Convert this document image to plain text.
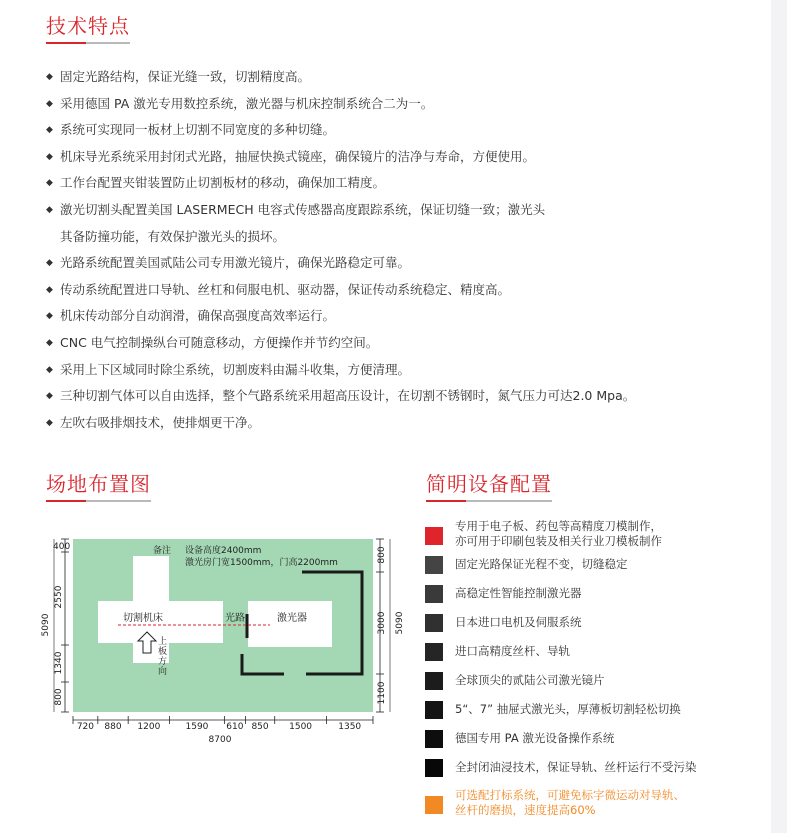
技术特点
◆ 固定光路结构，保证光缝一致，切割精度高。
◆ 采用德国 PA 激光专用数控系统，激光器与机床控制系统合二为一。
◆ 系统可实现同一板材上切割不同宽度的多种切缝。
◆ 机床导光系统采用封闭式光路，抽屉快换式镜座，确保镜片的洁净与寿命，方便使用。
◆ 工作台配置夹钳装置防止切割板材的移动，确保加工精度。
◆ 激光切割头配置美国 LASERMECH 电容式传感器高度跟踪系统，保证切缝一致；激光头
其备防撞功能，有效保护激光头的损坏。
◆ 光路系统配置美国贰陆公司专用激光镜片，确保光路稳定可靠。
◆ 传动系统配置进口导轨、丝杠和伺服电机、驱动器，保证传动系统稳定、精度高。
◆ 机床传动部分自动润滑，确保高强度高效率运行。
◆ CNC 电气控制操纵台可随意移动，方便操作并节约空间。
◆ 采用上下区域同时除尘系统，切割废料由漏斗收集，方便清理。
◆ 三种切割气体可以自由选择，整个气路系统采用超高压设计，在切割不锈钢时，氮气压力可达2.0 Mpa。
◆ 左吹右吸排烟技术，使排烟更干净。
场地布置图
备注 设备高度2400mm
激光房门宽1500mm，门高2200mm
切割机床	光路	激光器
上板方向
5090
400
2550
1340
800
800
3000
1100
5090
720	880	1200	1590	610 850	1500	1350
8700
简明设备配置
专用于电子板、药包等高精度刀模制作，
亦可用于印刷包装及相关行业刀模板制作
固定光路保证光程不变，切缝稳定
高稳定性智能控制激光器
日本进口电机及伺服系统
进口高精度丝杆、导轨
全球顶尖的贰陆公司激光镜片
5“、7” 抽屉式激光头，厚薄板切割轻松切换
德国专用 PA 激光设备操作系统
全封闭油浸技术，保证导轨、丝杆运行不受污染
可选配打标系统，可避免标字微运动对导轨、
丝杆的磨损，速度提高60%
